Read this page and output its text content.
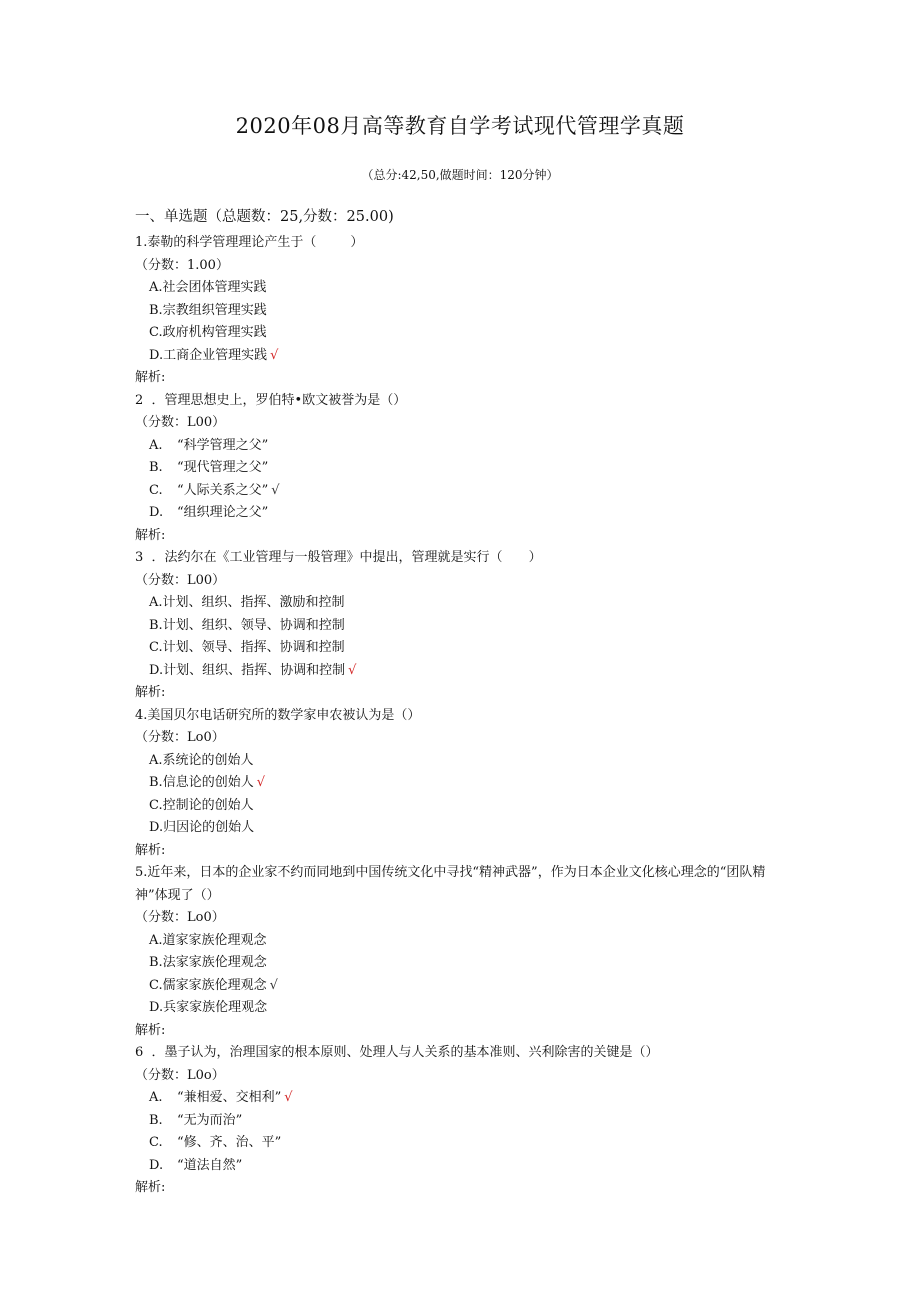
2020年08月高等教育自学考试现代管理学真题
（总分:42,50,做题时间：120分钟）
一、单选题（总题数：25,分数：25.00)
1.泰勒的科学管理理论产生于（	）
（分数：1.00）
A.社会团体管理实践
B.宗教组织管理实践
C.政府机构管理实践
D.工商企业管理实践 √
解析:
2 ．管理思想史上，罗伯特•欧文被誉为是（）
（分数：L00）
A. “科学管理之父”
B. “现代管理之父”
C. “人际关系之父” √
D. “组织理论之父”
解析:
3 ．法约尔在《工业管理与一般管理》中提出，管理就是实行（ ）
（分数：L00）
A.计划、组织、指挥、激励和控制
B.计划、组织、领导、协调和控制
C.计划、领导、指挥、协调和控制
D.计划、组织、指挥、协调和控制 √
解析:
4.美国贝尔电话研究所的数学家申农被认为是（）
（分数：Lo0）
A.系统论的创始人
B.信息论的创始人 √
C.控制论的创始人
D.归因论的创始人
解析:
5.近年来，日本的企业家不约而同地到中国传统文化中寻找“精神武器”，作为日本企业文化核心理念的“团队精神”体现了（）
（分数：Lo0）
A.道家家族伦理观念
B.法家家族伦理观念
C.儒家家族伦理观念 √
D.兵家家族伦理观念
解析:
6 ．墨子认为，治理国家的根本原则、处理人与人关系的基本准则、兴利除害的关键是（）
（分数：L0o）
A. “兼相爱、交相利” √
B. “无为而治”
C. “修、齐、治、平”
D. “道法自然”
解析:
